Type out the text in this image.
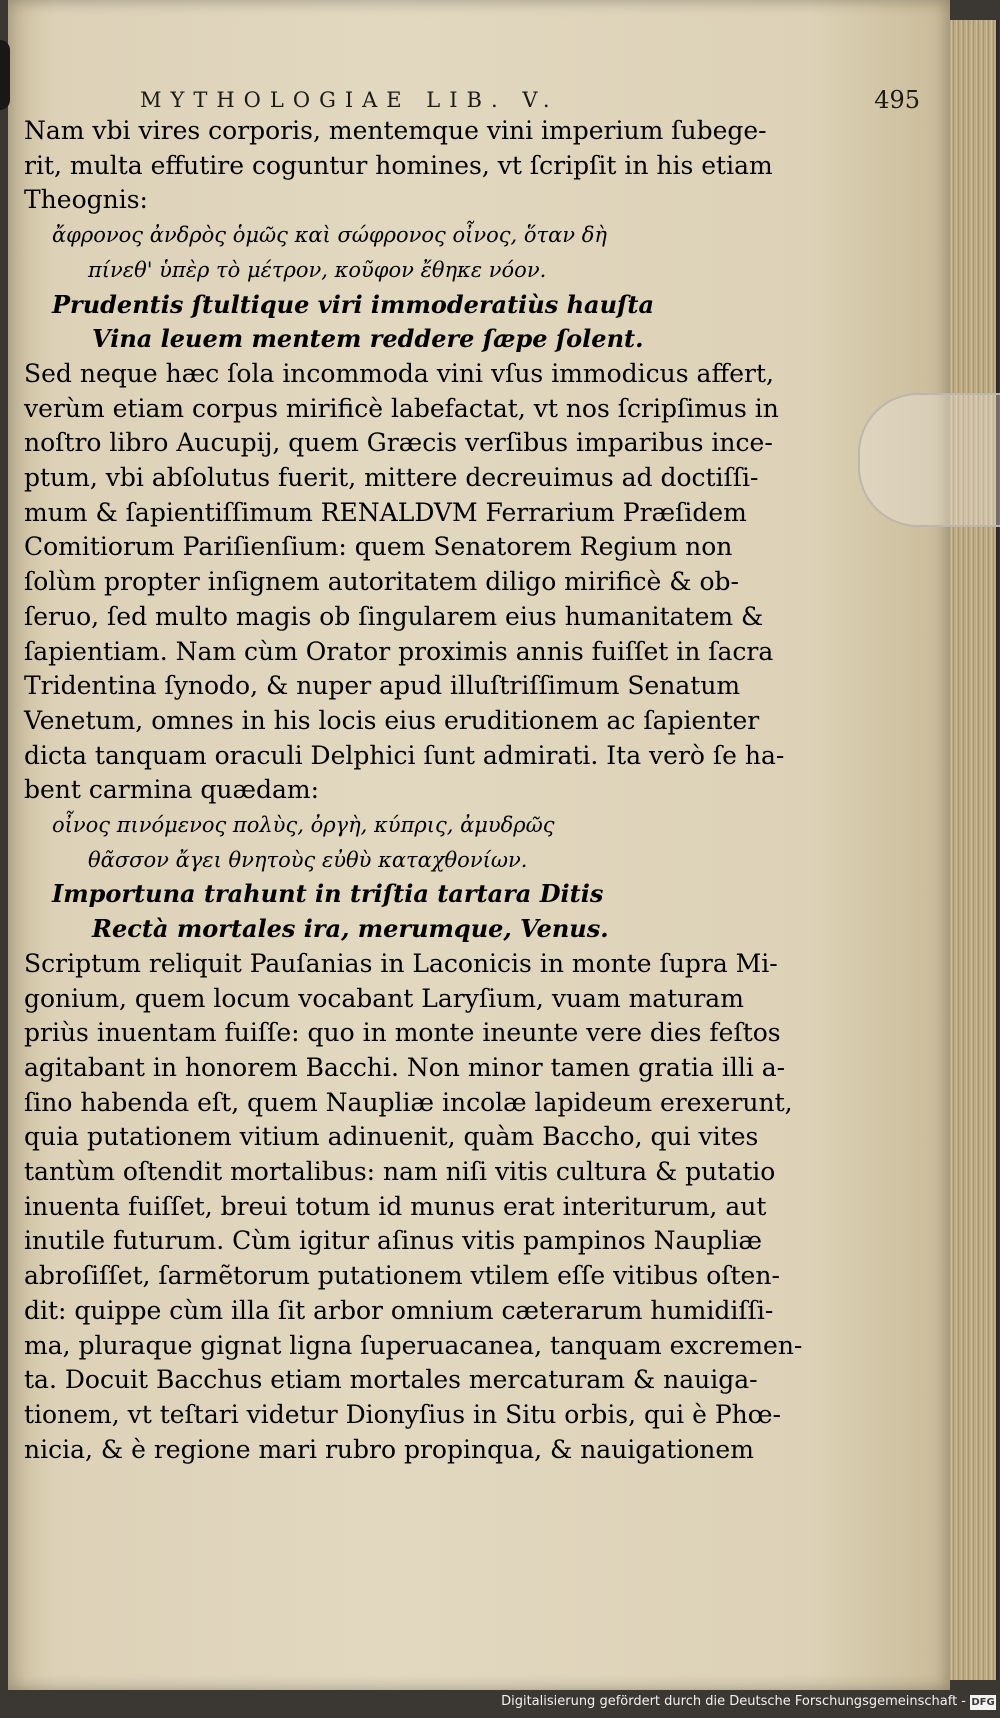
MYTHOLOGIAE LIB. V.	495
Nam vbi vires corporis, mentemque vini imperium ſubege-
rit, multa effutire coguntur homines, vt ſcripſit in his etiam
Theognis:
ἄφρονος ἀνδρὸς ὁμῶς καὶ σώφρονος οἶνος, ὅταν δὴ
πίνεθ' ὑπὲρ τὸ μέτρον, κοῦφον ἔθηκε νόον.
Prudentis ſtultique viri immoderatiùs hauſta
Vina leuem mentem reddere ſæpe ſolent.
Sed neque hæc ſola incommoda vini vſus immodicus affert,
verùm etiam corpus mirificè labefactat, vt nos ſcripſimus in
noſtro libro Aucupij, quem Græcis verſibus imparibus ince-
ptum, vbi abſolutus fuerit, mittere decreuimus ad doctiſſi-
mum & ſapientiſſimum RENALDVM Ferrarium Præſidem
Comitiorum Pariſienſium: quem Senatorem Regium non
ſolùm propter inſignem autoritatem diligo mirificè & ob-
ſeruo, ſed multo magis ob ſingularem eius humanitatem &
ſapientiam. Nam cùm Orator proximis annis fuiſſet in ſacra
Tridentina ſynodo, & nuper apud illuſtriſſimum Senatum
Venetum, omnes in his locis eius eruditionem ac ſapienter
dicta tanquam oraculi Delphici ſunt admirati. Ita verò ſe ha-
bent carmina quædam:
οἶνος πινόμενος πολὺς, ὀργὴ, κύπρις, ἀμυδρῶς
θᾶσσον ἄγει θνητοὺς εὐθὺ καταχθονίων.
Importuna trahunt in triſtia tartara Ditis
Rectà mortales ira, merumque, Venus.
Scriptum reliquit Pauſanias in Laconicis in monte ſupra Mi-
gonium, quem locum vocabant Laryſium, vuam maturam
priùs inuentam fuiſſe: quo in monte ineunte vere dies feſtos
agitabant in honorem Bacchi. Non minor tamen gratia illi a-
ſino habenda eſt, quem Naupliæ incolæ lapideum erexerunt,
quia putationem vitium adinuenit, quàm Baccho, qui vites
tantùm oſtendit mortalibus: nam niſi vitis cultura & putatio
inuenta fuiſſet, breui totum id munus erat interiturum, aut
inutile futurum. Cùm igitur aſinus vitis pampinos Naupliæ
abroſiſſet, ſarmẽtorum putationem vtilem eſſe vitibus oſten-
dit: quippe cùm illa ſit arbor omnium cæterarum humidiſſi-
ma, pluraque gignat ligna ſuperuacanea, tanquam excremen-
ta. Docuit Bacchus etiam mortales mercaturam & nauiga-
tionem, vt teſtari videtur Dionyſius in Situ orbis, qui è Phœ-
nicia, & è regione mari rubro propinqua, & nauigationem
Digitalisierung gefördert durch die Deutsche Forschungsgemeinschaft - DFG
